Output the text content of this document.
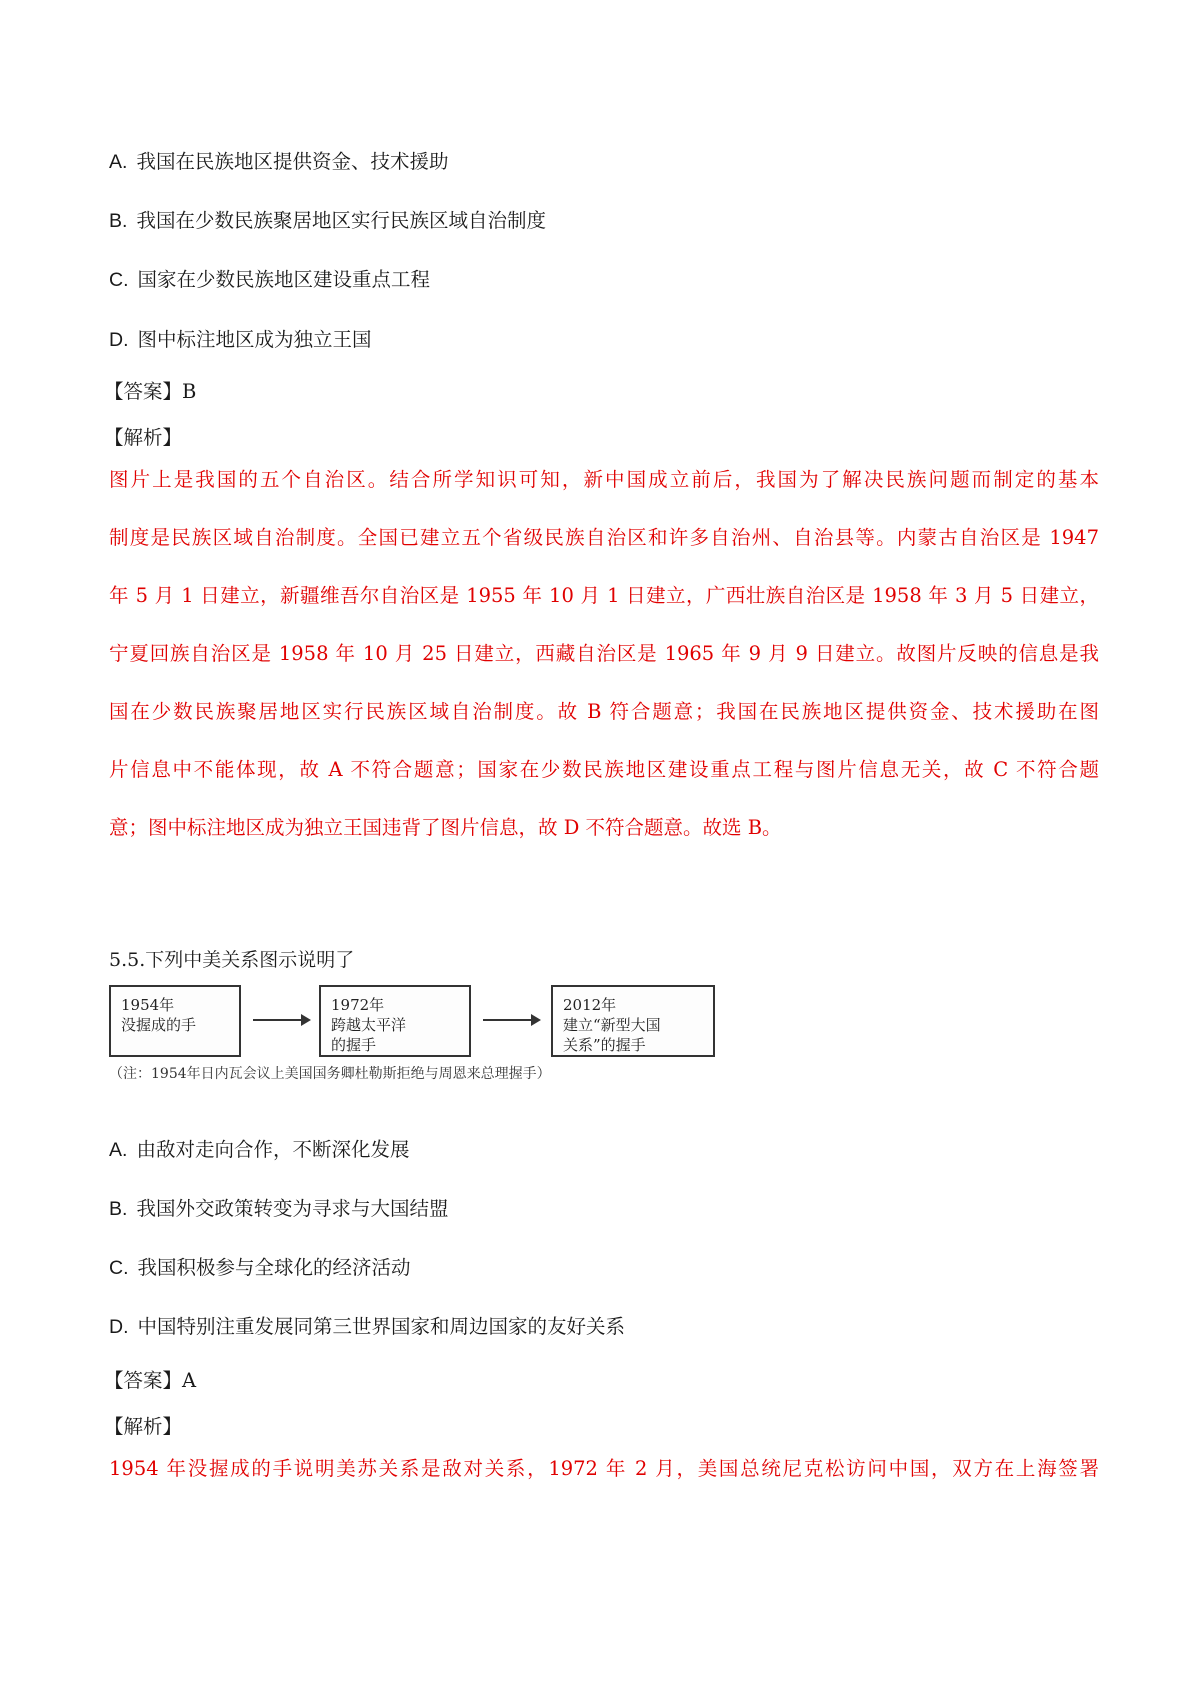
A. 我国在民族地区提供资金、技术援助
B. 我国在少数民族聚居地区实行民族区域自治制度
C. 国家在少数民族地区建设重点工程
D. 图中标注地区成为独立王国
【答案】B
【解析】
图片上是我国的五个自治区。结合所学知识可知，新中国成立前后，我国为了解决民族问题而制定的基本
制度是民族区域自治制度。全国已建立五个省级民族自治区和许多自治州、自治县等。内蒙古自治区是 1947
年 5 月 1 日建立，新疆维吾尔自治区是 1955 年 10 月 1 日建立，广西壮族自治区是 1958 年 3 月 5 日建立，
宁夏回族自治区是 1958 年 10 月 25 日建立，西藏自治区是 1965 年 9 月 9 日建立。故图片反映的信息是我
国在少数民族聚居地区实行民族区域自治制度。故 B 符合题意；我国在民族地区提供资金、技术援助在图
片信息中不能体现，故 A 不符合题意；国家在少数民族地区建设重点工程与图片信息无关，故 C 不符合题
意；图中标注地区成为独立王国违背了图片信息，故 D 不符合题意。故选 B。
5.5.下列中美关系图示说明了
1954年
没握成的手
1972年
跨越太平洋
的握手
2012年
建立“新型大国
关系”的握手
（注：1954年日内瓦会议上美国国务卿杜勒斯拒绝与周恩来总理握手）
A. 由敌对走向合作，不断深化发展
B. 我国外交政策转变为寻求与大国结盟
C. 我国积极参与全球化的经济活动
D. 中国特别注重发展同第三世界国家和周边国家的友好关系
【答案】A
【解析】
1954 年没握成的手说明美苏关系是敌对关系，1972 年 2 月，美国总统尼克松访问中国，双方在上海签署
